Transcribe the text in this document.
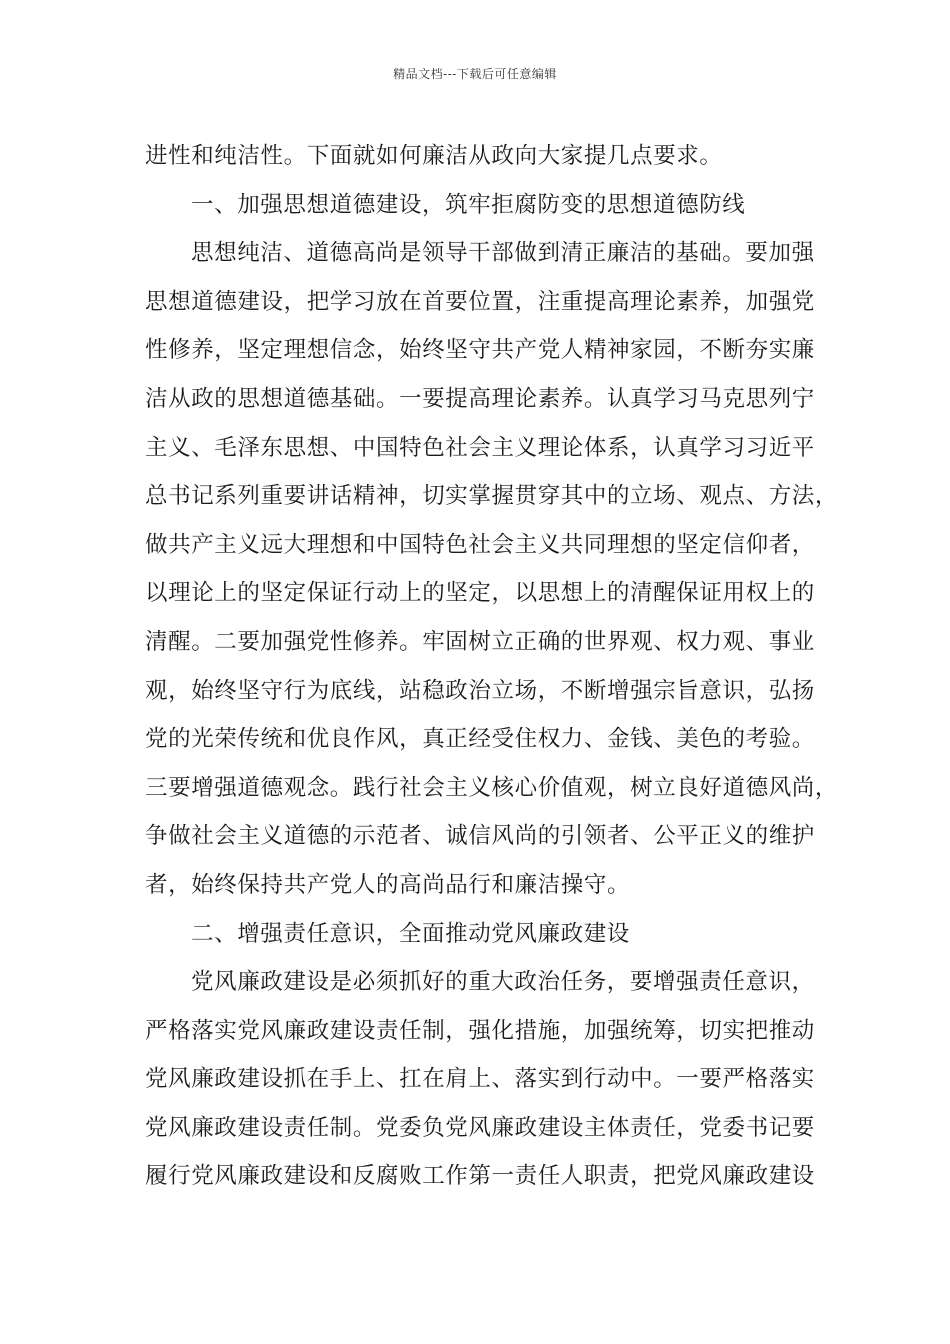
精品文档---下载后可任意编辑
进性和纯洁性。下面就如何廉洁从政向大家提几点要求。
一、加强思想道德建设，筑牢拒腐防变的思想道德防线
思想纯洁、道德高尚是领导干部做到清正廉洁的基础。要加强
思想道德建设，把学习放在首要位置，注重提高理论素养，加强党
性修养，坚定理想信念，始终坚守共产党人精神家园，不断夯实廉
洁从政的思想道德基础。一要提高理论素养。认真学习马克思列宁
主义、毛泽东思想、中国特色社会主义理论体系，认真学习习近平
总书记系列重要讲话精神，切实掌握贯穿其中的立场、观点、方法，
做共产主义远大理想和中国特色社会主义共同理想的坚定信仰者，
以理论上的坚定保证行动上的坚定，以思想上的清醒保证用权上的
清醒。二要加强党性修养。牢固树立正确的世界观、权力观、事业
观，始终坚守行为底线，站稳政治立场，不断增强宗旨意识，弘扬
党的光荣传统和优良作风，真正经受住权力、金钱、美色的考验。
三要增强道德观念。践行社会主义核心价值观，树立良好道德风尚，
争做社会主义道德的示范者、诚信风尚的引领者、公平正义的维护
者，始终保持共产党人的高尚品行和廉洁操守。
二、增强责任意识，全面推动党风廉政建设
党风廉政建设是必须抓好的重大政治任务，要增强责任意识，
严格落实党风廉政建设责任制，强化措施，加强统筹，切实把推动
党风廉政建设抓在手上、扛在肩上、落实到行动中。一要严格落实
党风廉政建设责任制。党委负党风廉政建设主体责任，党委书记要
履行党风廉政建设和反腐败工作第一责任人职责，把党风廉政建设
